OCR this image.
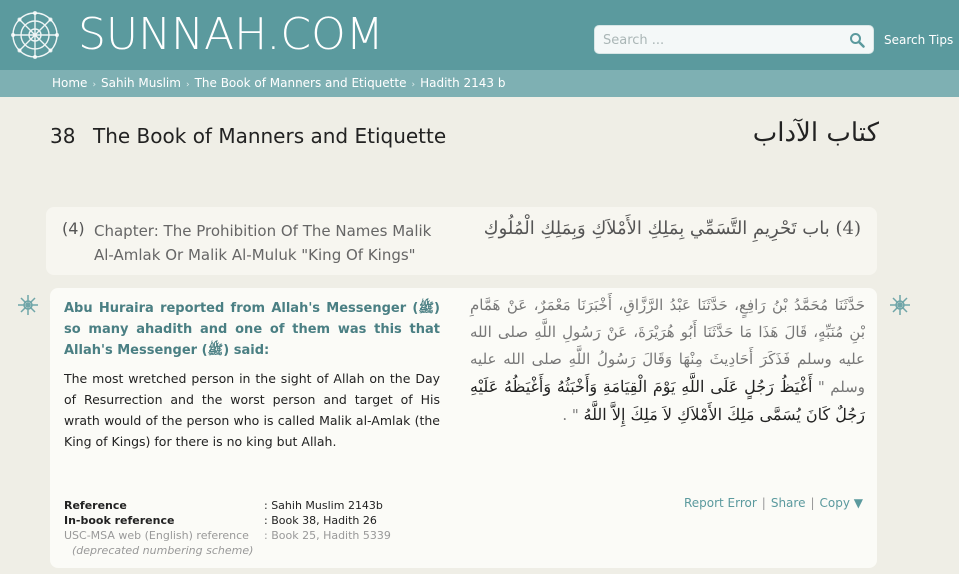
SUNNAH.COM
Search ...	Search Tips
Home › Sahih Muslim › The Book of Manners and Etiquette › Hadith 2143 b
38 The Book of Manners and Etiquette	كتاب الآداب
(4) Chapter: The Prohibition Of The Names Malik Al-Amlak Or Malik Al-Muluk "King Of Kings"
(4) باب تَحْرِيمِ التَّسَمِّي بِمَلِكِ الأَمْلاَكِ وَبِمَلِكِ الْمُلُوكِ
Abu Huraira reported from Allah's Messenger (ﷺ) so many ahadith and one of them was this that Allah's Messenger (ﷺ) said:
The most wretched person in the sight of Allah on the Day of Resurrection and the worst person and target of His wrath would of the person who is called Malik al-Amlak (the King of Kings) for there is no king but Allah.
حَدَّثَنَا مُحَمَّدُ بْنُ رَافِعٍ، حَدَّثَنَا عَبْدُ الرَّزَّاقِ، أَخْبَرَنَا مَعْمَرٌ، عَنْ هَمَّامِ بْنِ مُنَبِّهٍ، قَالَ هَذَا مَا حَدَّثَنَا أَبُو هُرَيْرَةَ، عَنْ رَسُولِ اللَّهِ صلى الله عليه وسلم فَذَكَرَ أَحَادِيثَ مِنْهَا وَقَالَ رَسُولُ اللَّهِ صلى الله عليه وسلم " أَغْيَظُ رَجُلٍ عَلَى اللَّهِ يَوْمَ الْقِيَامَةِ وَأَخْبَثُهُ وَأَغْيَظُهُ عَلَيْهِ رَجُلٌ كَانَ يُسَمَّى مَلِكَ الأَمْلاَكِ لاَ مَلِكَ إِلاَّ اللَّهُ " .
Reference	: Sahih Muslim 2143b
In-book reference	: Book 38, Hadith 26
USC-MSA web (English) reference	: Book 25, Hadith 5339
(deprecated numbering scheme)
Report Error | Share | Copy ▼
